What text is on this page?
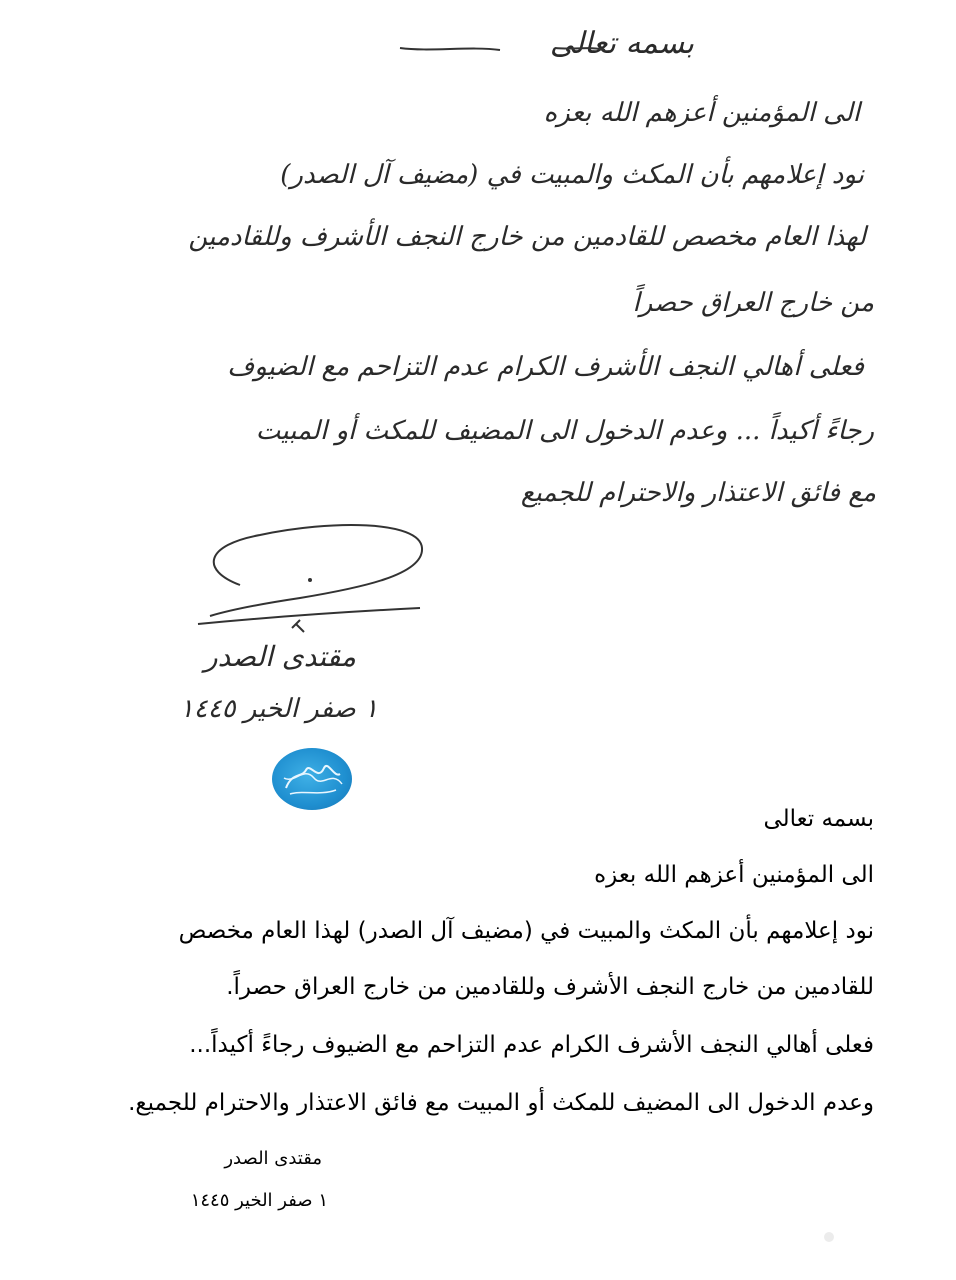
بسمه تعالى
الى المؤمنين أعزهم الله بعزه
نود إعلامهم بأن المكث والمبيت في (مضيف آل الصدر)
لهذا العام مخصص للقادمين من خارج النجف الأشرف وللقادمين
من خارج العراق حصراً
فعلى أهالي النجف الأشرف الكرام عدم التزاحم مع الضيوف
رجاءً أكيداً ... وعدم الدخول الى المضيف للمكث أو المبيت
مع فائق الاعتذار والاحترام للجميع
مقتدى الصدر
١ صفر الخير ١٤٤٥
بسمه تعالى
الى المؤمنين أعزهم الله بعزه
نود إعلامهم بأن المكث والمبيت في (مضيف آل الصدر) لهذا العام مخصص
للقادمين من خارج النجف الأشرف وللقادمين من خارج العراق حصراً.
فعلى أهالي النجف الأشرف الكرام عدم التزاحم مع الضيوف رجاءً أكيداً...
وعدم الدخول الى المضيف للمكث أو المبيت مع فائق الاعتذار والاحترام للجميع.
مقتدى الصدر
١ صفر الخير ١٤٤٥
